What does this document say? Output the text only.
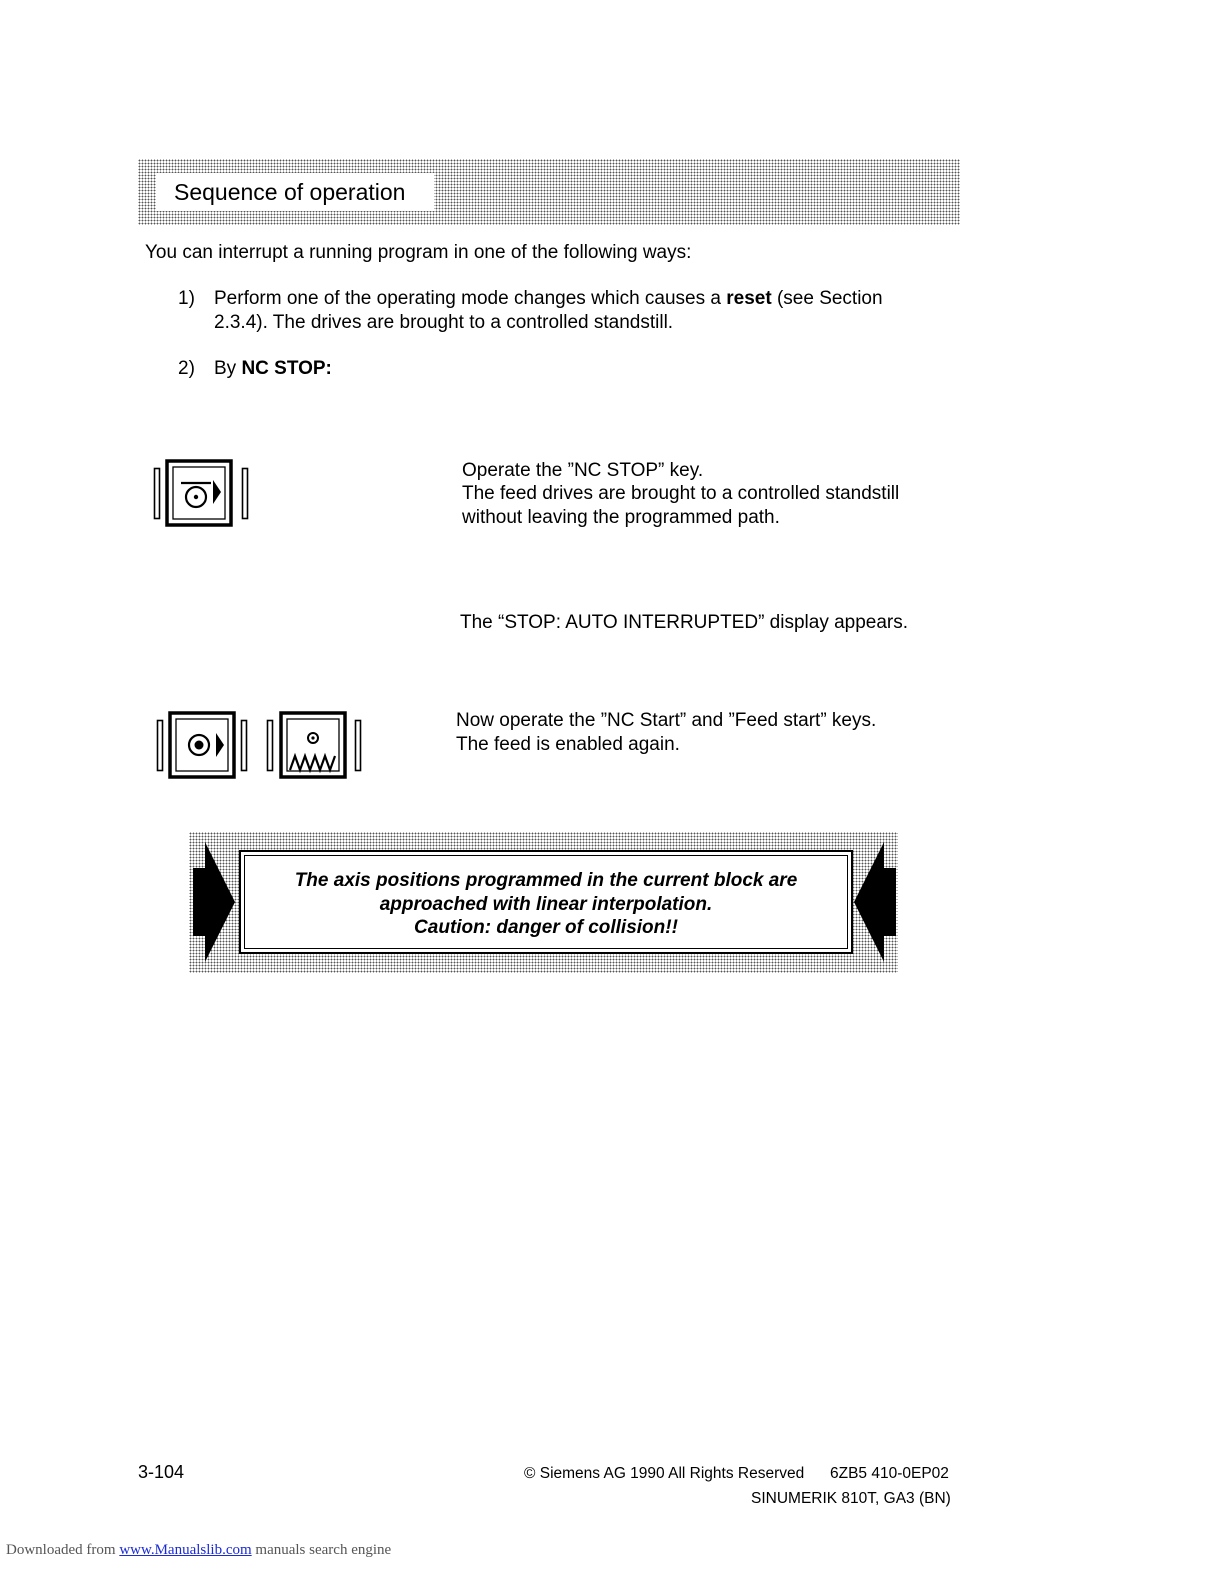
Sequence of operation
You can interrupt a running program in one of the following ways:
1)	Perform one of the operating mode changes which causes a reset (see Section
2.3.4). The drives are brought to a controlled standstill.
2)	By NC STOP:
Operate the ”NC STOP” key.
The feed drives are brought to a controlled standstill
without leaving the programmed path.
The “STOP: AUTO INTERRUPTED” display appears.
Now operate the ”NC Start” and ”Feed start” keys.
The feed is enabled again.
The axis positions programmed in the current block are
approached with linear interpolation.
Caution: danger of collision!!
3-104	© Siemens AG 1990 All Rights Reserved 6ZB5 410-0EP02
SINUMERIK 810T, GA3 (BN)
Downloaded from www.Manualslib.com manuals search engine
